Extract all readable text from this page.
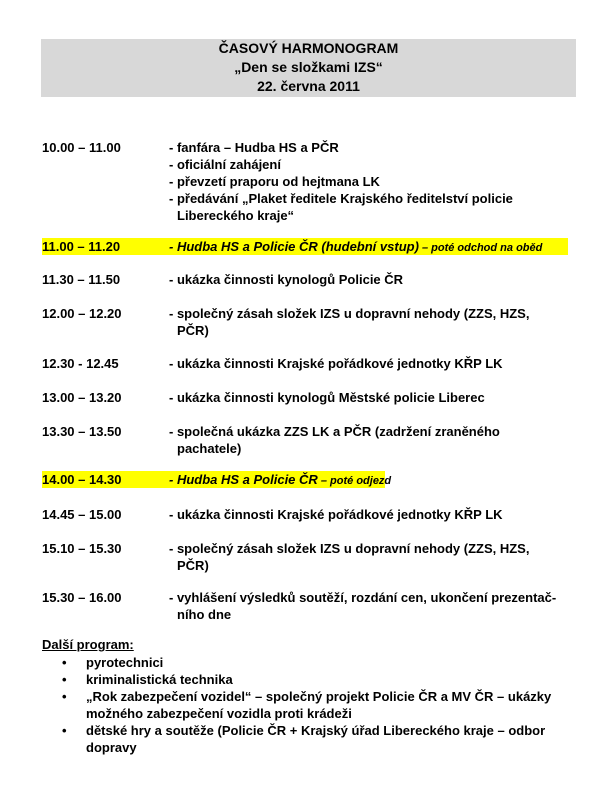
ČASOVÝ HARMONOGRAM
„Den se složkami IZS“
22. června 2011
10.00 – 11.00	- fanfára – Hudba HS a PČR
- oficiální zahájení
- převzetí praporu od hejtmana LK
- předávání „Plaket ředitele Krajského ředitelství policie
Libereckého kraje“
11.00 – 11.20	- Hudba HS a Policie ČR (hudební vstup) – poté odchod na oběd
11.30 – 11.50	- ukázka činnosti kynologů Policie ČR
12.00 – 12.20	- společný zásah složek IZS u dopravní nehody (ZZS, HZS,
PČR)
12.30 - 12.45	- ukázka činnosti Krajské pořádkové jednotky KŘP LK
13.00 – 13.20	- ukázka činnosti kynologů Městské policie Liberec
13.30 – 13.50	- společná ukázka ZZS LK a PČR (zadržení zraněného
pachatele)
14.00 – 14.30	- Hudba HS a Policie ČR – poté odjezd
14.45 – 15.00	- ukázka činnosti Krajské pořádkové jednotky KŘP LK
15.10 – 15.30	- společný zásah složek IZS u dopravní nehody (ZZS, HZS,
PČR)
15.30 – 16.00	- vyhlášení výsledků soutěží, rozdání cen, ukončení prezentač-
ního dne
Další program:
• pyrotechnici
• kriminalistická technika
• „Rok zabezpečení vozidel“ – společný projekt Policie ČR a MV ČR – ukázky možného zabezpečení vozidla proti krádeži
• dětské hry a soutěže (Policie ČR + Krajský úřad Libereckého kraje – odbor dopravy
